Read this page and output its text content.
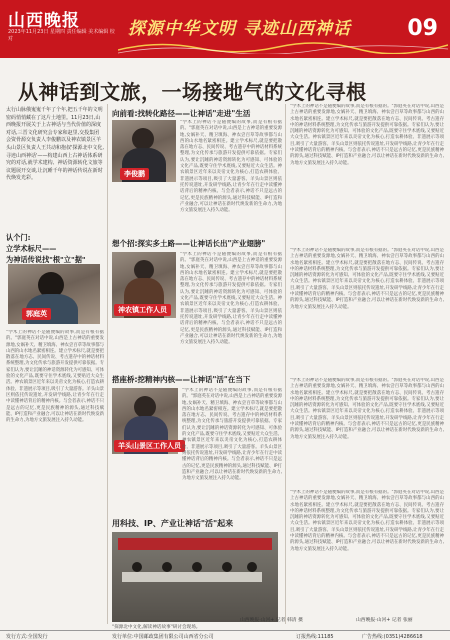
山西晚报
2023年11月23日 星期四 责任编辑 美术编辑 校对	探源中华文明 寻迹山西神话	09
从神话到文旅，一场接地气的文化寻根
太行山脉俄嵬嵬千年了个年,把五千年的文明密码悄悄藏在了这片土地里。11月23日,山西晚报开展关于上古神话与当代价值的深度对话,三晋文化研究会专家和赵里,交投集团会资骨源交负责人李俊鹏以及神农镇景区羊头山景区负责人王共动和抱叔'探源北中文化,寻迹山西神话'——构建山西上古神话体系研究的对话,就学术建构、神话资源转化文旅等议题展开交谈,让沉睡千年的神话传说在新时代焕发光彩。
认个门:
立学术标尺——
为神话传说找"根"立"据"
郭庭英
"学术上的神话不是随便编的故事,而是有根有据的。"郭庭英在对话中说,山西是上古神话的重要发源地,女娲补天、精卫填海、神农尝百草等故事都与山西的山水地名紧密相连。建立学术标尺,就是要把散落在地方志、民间传说、考古遗存中的神话材料系统整理,为文化传承与旅游开发提供可靠依据。专家们认为,要让沉睡的神话资源转化为可感知、可体验的文化产品,既要守住学术底线,又要贴近大众生活。神农镇景区近年来以炎帝文化为核心,打造农耕体验、非遗展示等项目,吸引了大量游客。羊头山景区则依托传说遗址,开发研学线路,让青少年在行走中读懂神话背后的精神内核。与会者表示,神话不只是远古的记忆,更是民族精神的源头,通过科技赋能、IP打造和产业融合,可以让神话在新时代焕发新的生命力,为地方文旅发展注入持久动能。
向前看:找转化路径——让神话"走进"生活
李俊鹏
"学术上的神话不是随便编的故事,而是有根有据的。"郭庭英在对话中说,山西是上古神话的重要发源地,女娲补天、精卫填海、神农尝百草等故事都与山西的山水地名紧密相连。建立学术标尺,就是要把散落在地方志、民间传说、考古遗存中的神话材料系统整理,为文化传承与旅游开发提供可靠依据。专家们认为,要让沉睡的神话资源转化为可感知、可体验的文化产品,既要守住学术底线,又要贴近大众生活。神农镇景区近年来以炎帝文化为核心,打造农耕体验、非遗展示等项目,吸引了大量游客。羊头山景区则依托传说遗址,开发研学线路,让青少年在行走中读懂神话背后的精神内核。与会者表示,神话不只是远古的记忆,更是民族精神的源头,通过科技赋能、IP打造和产业融合,可以让神话在新时代焕发新的生命力,为地方文旅发展注入持久动能。
想个招:探实多土路——让神话长出"产业翅膀"
神农镇工作人员
"学术上的神话不是随便编的故事,而是有根有据的。"郭庭英在对话中说,山西是上古神话的重要发源地,女娲补天、精卫填海、神农尝百草等故事都与山西的山水地名紧密相连。建立学术标尺,就是要把散落在地方志、民间传说、考古遗存中的神话材料系统整理,为文化传承与旅游开发提供可靠依据。专家们认为,要让沉睡的神话资源转化为可感知、可体验的文化产品,既要守住学术底线,又要贴近大众生活。神农镇景区近年来以炎帝文化为核心,打造农耕体验、非遗展示等项目,吸引了大量游客。羊头山景区则依托传说遗址,开发研学线路,让青少年在行走中读懂神话背后的精神内核。与会者表示,神话不只是远古的记忆,更是民族精神的源头,通过科技赋能、IP打造和产业融合,可以让神话在新时代焕发新的生命力,为地方文旅发展注入持久动能。
搭座桥:挖精神内核——让神话"活"在当下
羊头山景区工作人员
"学术上的神话不是随便编的故事,而是有根有据的。"郭庭英在对话中说,山西是上古神话的重要发源地,女娲补天、精卫填海、神农尝百草等故事都与山西的山水地名紧密相连。建立学术标尺,就是要把散落在地方志、民间传说、考古遗存中的神话材料系统整理,为文化传承与旅游开发提供可靠依据。专家们认为,要让沉睡的神话资源转化为可感知、可体验的文化产品,既要守住学术底线,又要贴近大众生活。神农镇景区近年来以炎帝文化为核心,打造农耕体验、非遗展示等项目,吸引了大量游客。羊头山景区则依托传说遗址,开发研学线路,让青少年在行走中读懂神话背后的精神内核。与会者表示,神话不只是远古的记忆,更是民族精神的源头,通过科技赋能、IP打造和产业融合,可以让神话在新时代焕发新的生命力,为地方文旅发展注入持久动能。
用科技、IP、产业让神话"活"起来
"探源北中文化,解读神话故事"研讨会现场。
"学术上的神话不是随便编的故事,而是有根有据的。"郭庭英在对话中说,山西是上古神话的重要发源地,女娲补天、精卫填海、神农尝百草等故事都与山西的山水地名紧密相连。建立学术标尺,就是要把散落在地方志、民间传说、考古遗存中的神话材料系统整理,为文化传承与旅游开发提供可靠依据。专家们认为,要让沉睡的神话资源转化为可感知、可体验的文化产品,既要守住学术底线,又要贴近大众生活。神农镇景区近年来以炎帝文化为核心,打造农耕体验、非遗展示等项目,吸引了大量游客。羊头山景区则依托传说遗址,开发研学线路,让青少年在行走中读懂神话背后的精神内核。与会者表示,神话不只是远古的记忆,更是民族精神的源头,通过科技赋能、IP打造和产业融合,可以让神话在新时代焕发新的生命力,为地方文旅发展注入持久动能。
"学术上的神话不是随便编的故事,而是有根有据的。"郭庭英在对话中说,山西是上古神话的重要发源地,女娲补天、精卫填海、神农尝百草等故事都与山西的山水地名紧密相连。建立学术标尺,就是要把散落在地方志、民间传说、考古遗存中的神话材料系统整理,为文化传承与旅游开发提供可靠依据。专家们认为,要让沉睡的神话资源转化为可感知、可体验的文化产品,既要守住学术底线,又要贴近大众生活。神农镇景区近年来以炎帝文化为核心,打造农耕体验、非遗展示等项目,吸引了大量游客。羊头山景区则依托传说遗址,开发研学线路,让青少年在行走中读懂神话背后的精神内核。与会者表示,神话不只是远古的记忆,更是民族精神的源头,通过科技赋能、IP打造和产业融合,可以让神话在新时代焕发新的生命力,为地方文旅发展注入持久动能。
"学术上的神话不是随便编的故事,而是有根有据的。"郭庭英在对话中说,山西是上古神话的重要发源地,女娲补天、精卫填海、神农尝百草等故事都与山西的山水地名紧密相连。建立学术标尺,就是要把散落在地方志、民间传说、考古遗存中的神话材料系统整理,为文化传承与旅游开发提供可靠依据。专家们认为,要让沉睡的神话资源转化为可感知、可体验的文化产品,既要守住学术底线,又要贴近大众生活。神农镇景区近年来以炎帝文化为核心,打造农耕体验、非遗展示等项目,吸引了大量游客。羊头山景区则依托传说遗址,开发研学线路,让青少年在行走中读懂神话背后的精神内核。与会者表示,神话不只是远古的记忆,更是民族精神的源头,通过科技赋能、IP打造和产业融合,可以让神话在新时代焕发新的生命力,为地方文旅发展注入持久动能。
"学术上的神话不是随便编的故事,而是有根有据的。"郭庭英在对话中说,山西是上古神话的重要发源地,女娲补天、精卫填海、神农尝百草等故事都与山西的山水地名紧密相连。建立学术标尺,就是要把散落在地方志、民间传说、考古遗存中的神话材料系统整理,为文化传承与旅游开发提供可靠依据。专家们认为,要让沉睡的神话资源转化为可感知、可体验的文化产品,既要守住学术底线,又要贴近大众生活。神农镇景区近年来以炎帝文化为核心,打造农耕体验、非遗展示等项目,吸引了大量游客。羊头山景区则依托传说遗址,开发研学线路,让青少年在行走中读懂神话背后的精神内核。与会者表示,神话不只是远古的记忆,更是民族精神的源头,通过科技赋能、IP打造和产业融合,可以让神话在新时代焕发新的生命力,为地方文旅发展注入持久动能。
山西晚报·山河+ 记者 韩清 摄	山西晚报·山河+ 记者 张丽
发行方式:全国发行	发行单位:中国邮政集团有限公司山西省分公司	订报热线:11185	广告热线:(0351)4286618
